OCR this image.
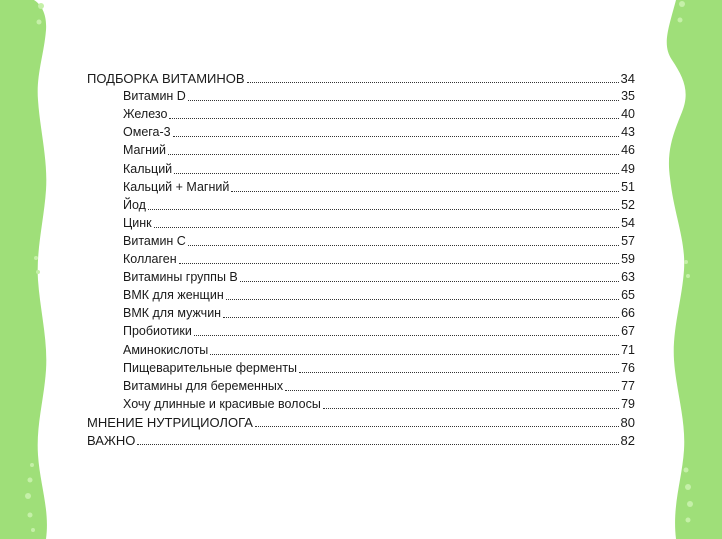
ПОДБОРКА ВИТАМИНОВ	34
Витамин D	35
Железо	40
Омега-3	43
Магний	46
Кальций	49
Кальций + Магний	51
Йод	52
Цинк	54
Витамин С	57
Коллаген	59
Витамины группы В	63
ВМК для женщин	65
ВМК для мужчин	66
Пробиотики	67
Аминокислоты	71
Пищеварительные ферменты	76
Витамины для беременных	77
Хочу длинные и красивые волосы	79
МНЕНИЕ НУТРИЦИОЛОГА	80
ВАЖНО	82
